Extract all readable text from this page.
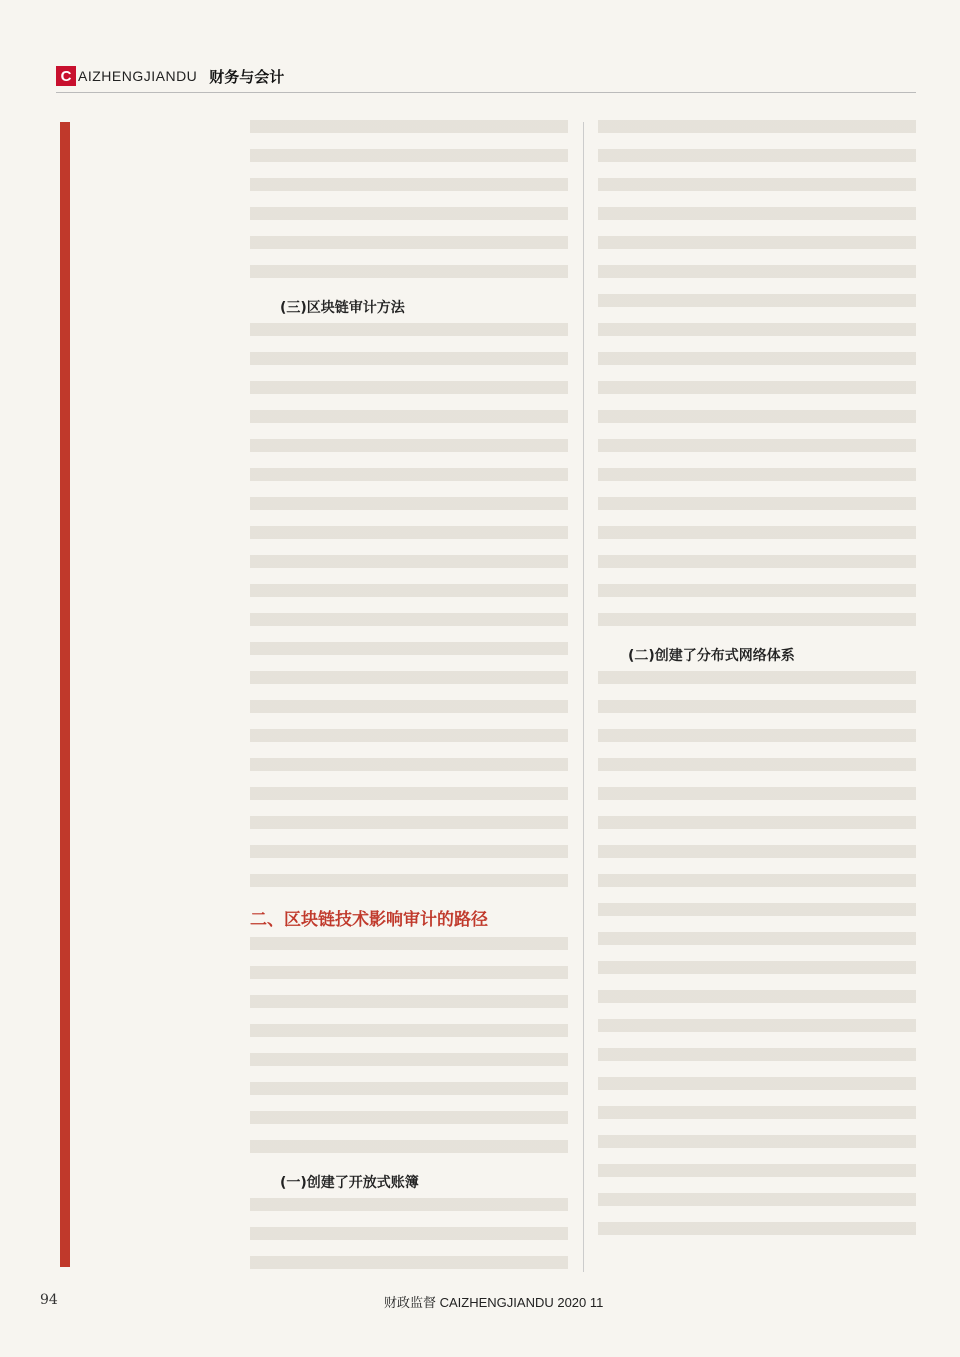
C AIZHENGJIANDU 财务与会计
(三)区块链审计方法
二、区块链技术影响审计的路径
(一)创建了开放式账簿
(二)创建了分布式网络体系
94	财政监督 CAIZHENGJIANDU 2020 11
